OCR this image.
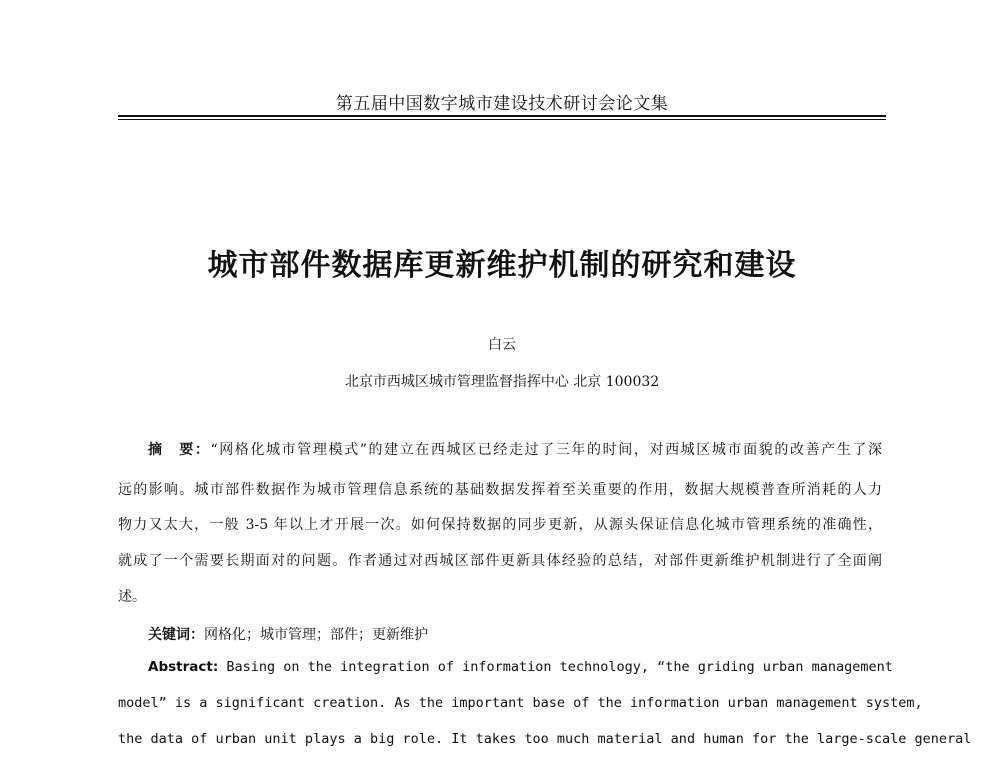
第五届中国数字城市建设技术研讨会论文集
城市部件数据库更新维护机制的研究和建设
白云
北京市西城区城市管理监督指挥中心 北京 100032
摘　要：“网格化城市管理模式”的建立在西城区已经走过了三年的时间，对西城区城市面貌的改善产生了深
远的影响。城市部件数据作为城市管理信息系统的基础数据发挥着至关重要的作用，数据大规模普查所消耗的人力
物力又太大，一般 3-5 年以上才开展一次。如何保持数据的同步更新，从源头保证信息化城市管理系统的准确性，
就成了一个需要长期面对的问题。作者通过对西城区部件更新具体经验的总结，对部件更新维护机制进行了全面阐
述。
关键词：网格化；城市管理；部件；更新维护
Abstract: Basing on the integration of information technology, “the griding urban management
model” is a significant creation. As the important base of the information urban management system,
the data of urban unit plays a big role. It takes too much material and human for the large-scale general
